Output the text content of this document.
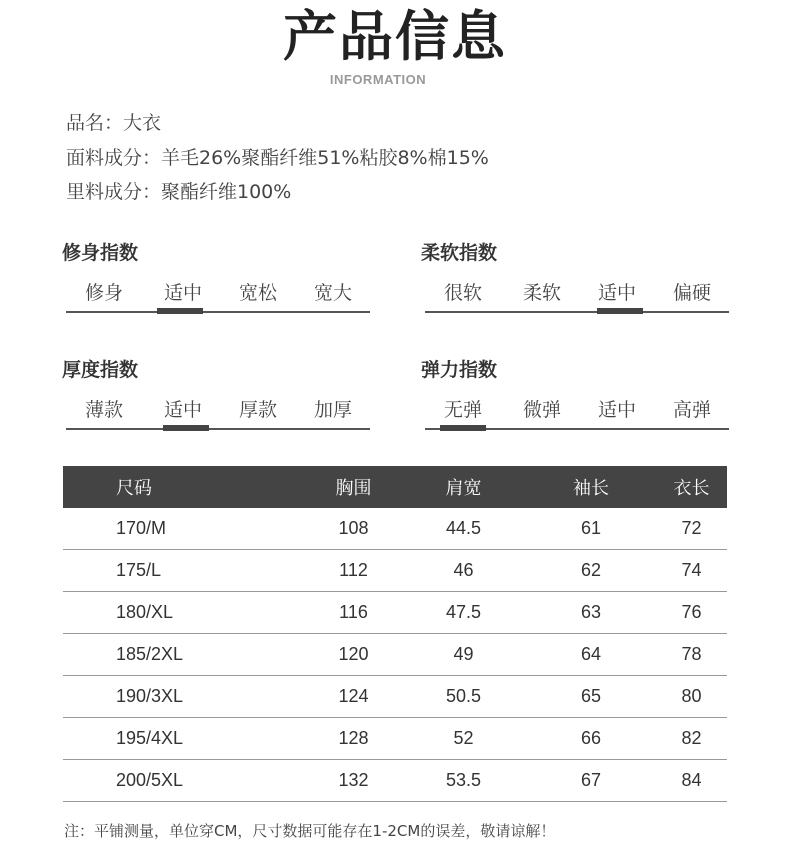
产品信息
INFORMATION
品名：大衣
面料成分：羊毛26%聚酯纤维51%粘胶8%棉15%
里料成分：聚酯纤维100%
修身指数
修身 适中 宽松 宽大
柔软指数
很软 柔软 适中 偏硬
厚度指数
薄款 适中 厚款 加厚
弹力指数
无弹 微弹 适中 高弹
尺码	胸围	肩宽	袖长	衣长
170/M	108	44.5	61	72
175/L	112	46	62	74
180/XL	116	47.5	63	76
185/2XL	120	49	64	78
190/3XL	124	50.5	65	80
195/4XL	128	52	66	82
200/5XL	132	53.5	67	84
注：平铺测量，单位穿CM，尺寸数据可能存在1-2CM的误差，敬请谅解！
